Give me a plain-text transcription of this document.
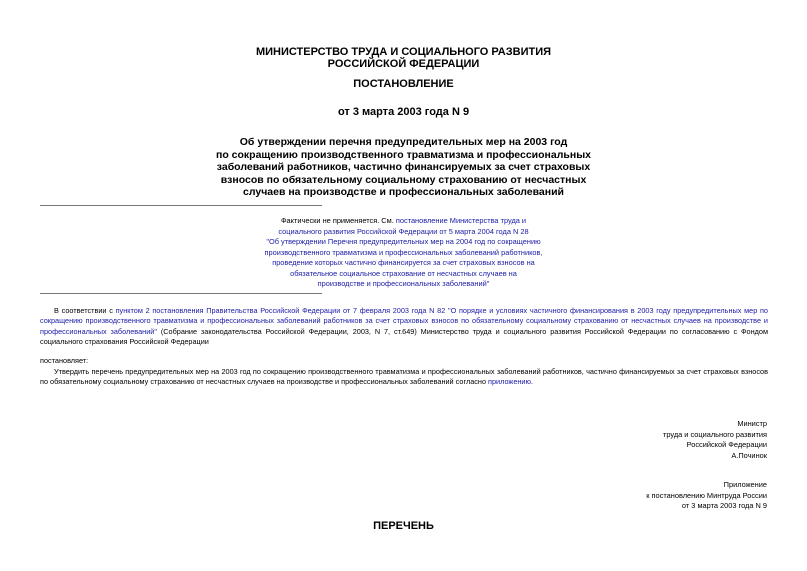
МИНИСТЕРСТВО ТРУДА И СОЦИАЛЬНОГО РАЗВИТИЯ
РОССИЙСКОЙ ФЕДЕРАЦИИ
ПОСТАНОВЛЕНИЕ
от 3 марта 2003 года N 9
Об утверждении перечня предупредительных мер на 2003 год
по сокращению производственного травматизма и профессиональных
заболеваний работников, частично финансируемых за счет страховых
взносов по обязательному социальному страхованию от несчастных
случаев на производстве и профессиональных заболеваний
Фактически не применяется. См. постановление Министерства труда и
социального развития Российской Федерации от 5 марта 2004 года N 28
"Об утверждении Перечня предупредительных мер на 2004 год по сокращению
производственного травматизма и профессиональных заболеваний работников,
проведение которых частично финансируется за счет страховых взносов на
обязательное социальное страхование от несчастных случаев на
производстве и профессиональных заболеваний"
В соответствии с пунктом 2 постановления Правительства Российской Федерации от 7 февраля 2003 года N 82 "О порядке и условиях частичного финансирования в 2003 году предупредительных мер по сокращению производственного травматизма и профессиональных заболеваний работников за счет страховых взносов по обязательному социальному страхованию от несчастных случаев на производстве и профессиональных заболеваний" (Собрание законодательства Российской Федерации, 2003, N 7, ст.649) Министерство труда и социального развития Российской Федерации по согласованию с Фондом социального страхования Российской Федерации
постановляет:
Утвердить перечень предупредительных мер на 2003 год по сокращению производственного травматизма и профессиональных заболеваний работников, частично финансируемых за счет страховых взносов по обязательному социальному страхованию от несчастных случаев на производстве и профессиональных заболеваний согласно приложению.
Министр
труда и социального развития
Российской Федерации
А.Починок
Приложение
к постановлению Минтруда России
от 3 марта 2003 года N 9
ПЕРЕЧЕНЬ
